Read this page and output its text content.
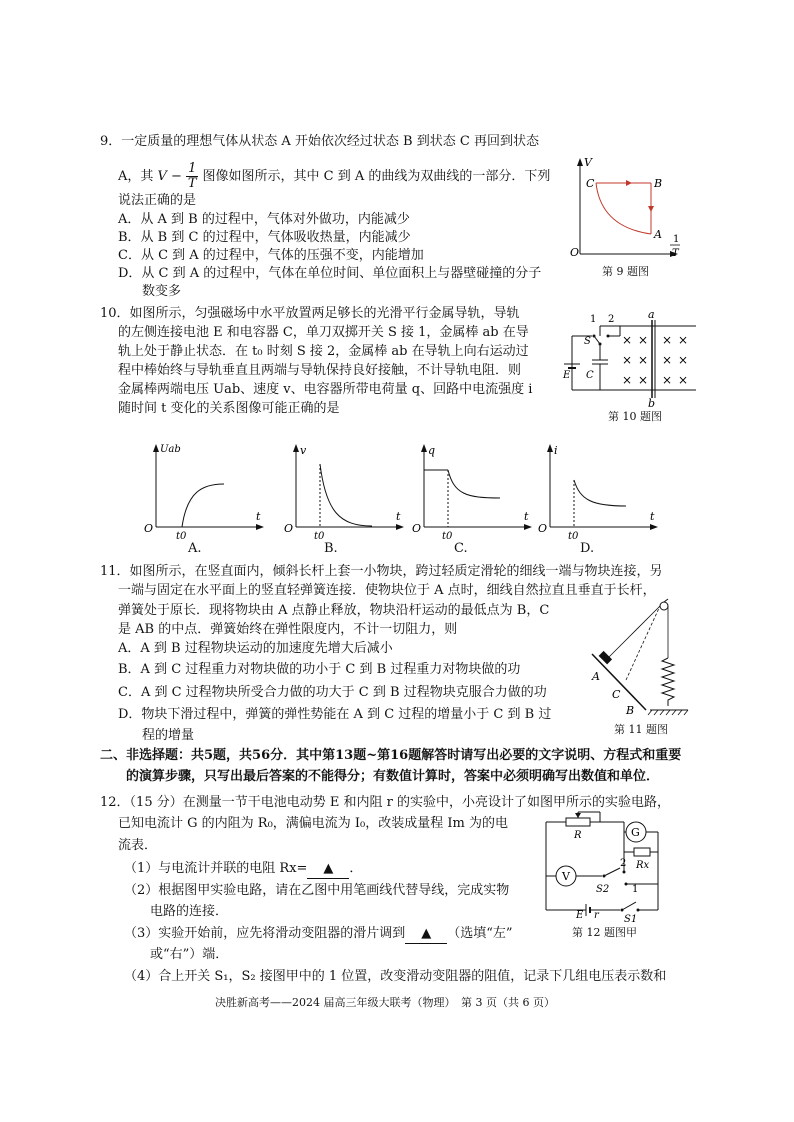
9．一定质量的理想气体从状态 A 开始依次经过状态 B 到状态 C 再回到状态
A，其 $V - \frac{1}{T}$ 图像如图所示，其中 C 到 A 的曲线为双曲线的一部分．下列
说法正确的是
A．从 A 到 B 的过程中，气体对外做功，内能减少
B．从 B 到 C 的过程中，气体吸收热量，内能减少
C．从 C 到 A 的过程中，气体的压强不变，内能增加
D．从 C 到 A 的过程中，气体在单位时间、单位面积上与器壁碰撞的分子
数变多
V
C	B
A
O
1
T
第 9 题图
10．如图所示，匀强磁场中水平放置两足够长的光滑平行金属导轨，导轨
的左侧连接电池 E 和电容器 C，单刀双掷开关 S 接 1，金属棒 ab 在导
轨上处于静止状态．在 t₀ 时刻 S 接 2，金属棒 ab 在导轨上向右运动过
程中棒始终与导轨垂直且两端与导轨保持良好接触，不计导轨电阻．则
金属棒两端电压 Uab、速度 v、电容器所带电荷量 q、回路中电流强度 i
随时间 t 变化的关系图像可能正确的是
1 2	a
b
S
E C
× × × ×
× × × ×
× × × ×
第 10 题图
Uab
t
O
t0
A.
v
t
O
t0
B.
q
t
O
t0
C.
i
t
O
t0
D.
11．如图所示，在竖直面内，倾斜长杆上套一小物块，跨过轻质定滑轮的细线一端与物块连接，另
一端与固定在水平面上的竖直轻弹簧连接．使物块位于 A 点时，细线自然拉直且垂直于长杆，
弹簧处于原长．现将物块由 A 点静止释放，物块沿杆运动的最低点为 B，C
是 AB 的中点．弹簧始终在弹性限度内，不计一切阻力，则
A．A 到 B 过程物块运动的加速度先增大后减小
B．A 到 C 过程重力对物块做的功小于 C 到 B 过程重力对物块做的功
C．A 到 C 过程物块所受合力做的功大于 C 到 B 过程物块克服合力做的功
D．物块下滑过程中，弹簧的弹性势能在 A 到 C 过程的增量小于 C 到 B 过
程的增量
A
C
B
第 11 题图
二、非选择题：共5题，共56分．其中第13题~第16题解答时请写出必要的文字说明、方程式和重要
的演算步骤，只写出最后答案的不能得分；有数值计算时，答案中必须明确写出数值和单位．
12．（15 分）在测量一节干电池电动势 E 和内阻 r 的实验中，小亮设计了如图甲所示的实验电路，
已知电流计 G 的内阻为 R₀，满偏电流为 I₀，改装成量程 Im 为的电
流表．
（1）与电流计并联的电阻 Rx= ▲ ．
（2）根据图甲实验电路，请在乙图中用笔画线代替导线，完成实物
电路的连接．
（3）实验开始前，应先将滑动变阻器的滑片调到 ▲ （选填“左”
或“右”）端．
（4）合上开关 S₁，S₂ 接图甲中的 1 位置，改变滑动变阻器的阻值，记录下几组电压表示数和
G
R
Rx
V
2
1
S2
E r	S1
第 12 题图甲
决胜新高考——2024 届高三年级大联考（物理）　第 3 页（共 6 页）
